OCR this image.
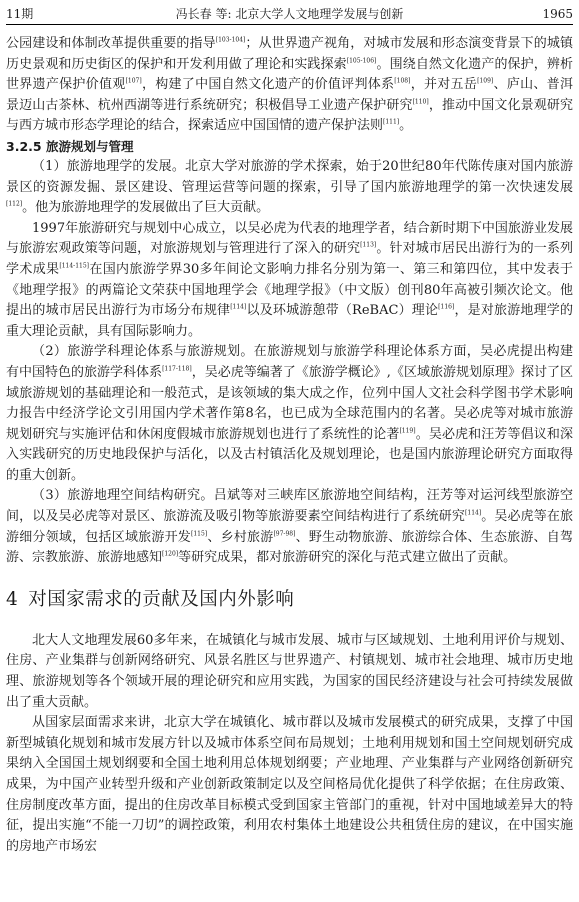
11期	冯长春 等: 北京大学人文地理学发展与创新	1965

公园建设和体制改革提供重要的指导[103-104]；从世界遗产视角，对城市发展和形态演变背景下的城镇历史景观和历史街区的保护和开发利用做了理论和实践探索[105-106]。围绕自然文化遗产的保护，辨析世界遗产保护价值观[107]，构建了中国自然文化遗产的价值评判体系[108]，并对五岳[109]、庐山、普洱景迈山古茶林、杭州西湖等进行系统研究；积极倡导工业遗产保护研究[110]，推动中国文化景观研究与西方城市形态学理论的结合，探索适应中国国情的遗产保护法则[111]。

3.2.5 旅游规划与管理

（1）旅游地理学的发展。北京大学对旅游的学术探索，始于20世纪80年代陈传康对国内旅游景区的资源发掘、景区建设、管理运营等问题的探索，引导了国内旅游地理学的第一次快速发展[112]。他为旅游地理学的发展做出了巨大贡献。

1997年旅游研究与规划中心成立，以吴必虎为代表的地理学者，结合新时期下中国旅游业发展与旅游宏观政策等问题，对旅游规划与管理进行了深入的研究[113]。针对城市居民出游行为的一系列学术成果[114-115]在国内旅游学界30多年间论文影响力排名分别为第一、第三和第四位，其中发表于《地理学报》的两篇论文荣获中国地理学会《地理学报》（中文版）创刊80年高被引频次论文。他提出的城市居民出游行为市场分布规律[114]以及环城游憩带（ReBAC）理论[116]，是对旅游地理学的重大理论贡献，具有国际影响力。

（2）旅游学科理论体系与旅游规划。在旅游规划与旅游学科理论体系方面，吴必虎提出构建有中国特色的旅游学科体系[117-118]，吴必虎等编著了《旅游学概论》,《区域旅游规划原理》探讨了区域旅游规划的基础理论和一般范式，是该领域的集大成之作，位列中国人文社会科学图书学术影响力报告中经济学论文引用国内学术著作第8名，也已成为全球范围内的名著。吴必虎等对城市旅游规划研究与实施评估和休闲度假城市旅游规划也进行了系统性的论著[119]。吴必虎和汪芳等倡议和深入实践研究的历史地段保护与活化，以及古村镇活化及规划理论，也是国内旅游理论研究方面取得的重大创新。

（3）旅游地理空间结构研究。吕斌等对三峡库区旅游地空间结构，汪芳等对运河线型旅游空间，以及吴必虎等对景区、旅游流及吸引物等旅游要素空间结构进行了系统研究[114]。吴必虎等在旅游细分领域，包括区域旅游开发[115]、乡村旅游[97-98]、野生动物旅游、旅游综合体、生态旅游、自驾游、宗教旅游、旅游地感知[120]等研究成果，都对旅游研究的深化与范式建立做出了贡献。

4 对国家需求的贡献及国内外影响

北大人文地理发展60多年来，在城镇化与城市发展、城市与区域规划、土地利用评价与规划、住房、产业集群与创新网络研究、风景名胜区与世界遗产、村镇规划、城市社会地理、城市历史地理、旅游规划等各个领域开展的理论研究和应用实践，为国家的国民经济建设与社会可持续发展做出了重大贡献。

从国家层面需求来讲，北京大学在城镇化、城市群以及城市发展模式的研究成果，支撑了中国新型城镇化规划和城市发展方针以及城市体系空间布局规划；土地利用规划和国土空间规划研究成果纳入全国国土规划纲要和全国土地利用总体规划纲要；产业地理、产业集群与产业网络创新研究成果，为中国产业转型升级和产业创新政策制定以及空间格局优化提供了科学依据；在住房政策、住房制度改革方面，提出的住房改革目标模式受到国家主管部门的重视，针对中国地域差异大的特征，提出实施“不能一刀切”的调控政策，利用农村集体土地建设公共租赁住房的建议，在中国实施的房地产市场宏
